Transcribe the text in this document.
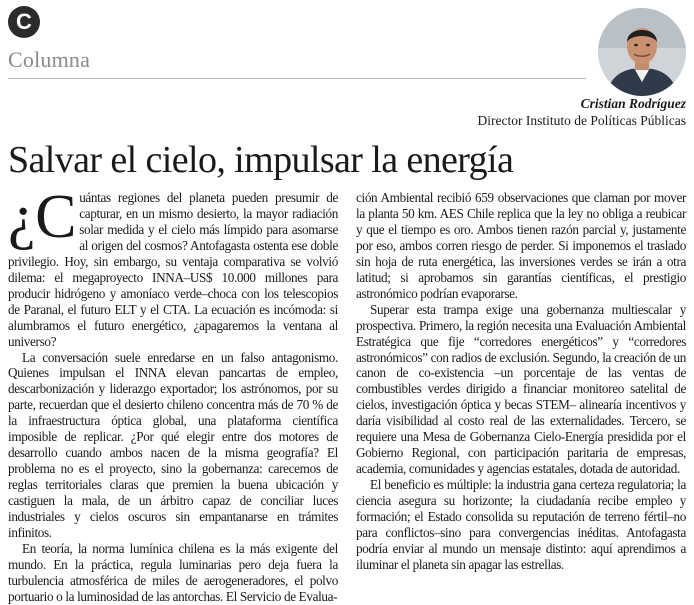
C
Columna
Cristian Rodríguez
Director Instituto de Políticas Públicas
Salvar el cielo, impulsar la energía

¿C uántas regiones del planeta pueden presumir de capturar, en un mismo desierto, la mayor radiación solar medida y el cielo más límpido para asomarse al origen del cosmos? Antofagasta ostenta ese doble privilegio. Hoy, sin embargo, su ventaja comparativa se volvió dilema: el megaproyecto INNA–US$ 10.000 millones para producir hidrógeno y amoníaco verde–choca con los telescopios de Paranal, el futuro ELT y el CTA. La ecuación es incómoda: si alumbramos el futuro energético, ¿apagaremos la ventana al universo?

La conversación suele enredarse en un falso antagonismo. Quienes impulsan el INNA elevan pancartas de empleo, descarbonización y liderazgo exportador; los astrónomos, por su parte, recuerdan que el desierto chileno concentra más de 70 % de la infraestructura óptica global, una plataforma científica imposible de replicar. ¿Por qué elegir entre dos motores de desarrollo cuando ambos nacen de la misma geografía? El problema no es el proyecto, sino la gobernanza: carecemos de reglas territoriales claras que premien la buena ubicación y castiguen la mala, de un árbitro capaz de conciliar luces industriales y cielos oscuros sin empantanarse en trámites infinitos.

En teoría, la norma lumínica chilena es la más exigente del mundo. En la práctica, regula luminarias pero deja fuera la turbulencia atmosférica de miles de aerogeneradores, el polvo portuario o la luminosidad de las antorchas. El Servicio de Evalua-

ción Ambiental recibió 659 observaciones que claman por mover la planta 50 km. AES Chile replica que la ley no obliga a reubicar y que el tiempo es oro. Ambos tienen razón parcial y, justamente por eso, ambos corren riesgo de perder. Si imponemos el traslado sin hoja de ruta energética, las inversiones verdes se irán a otra latitud; si aprobamos sin garantías científicas, el prestigio astronómico podrían evaporarse.

Superar esta trampa exige una gobernanza multiescalar y prospectiva. Primero, la región necesita una Evaluación Ambiental Estratégica que fije “corredores energéticos” y “corredores astronómicos” con radios de exclusión. Segundo, la creación de un canon de co-existencia –un porcentaje de las ventas de combustibles verdes dirigido a financiar monitoreo satelital de cielos, investigación óptica y becas STEM– alinearía incentivos y daría visibilidad al costo real de las externalidades. Tercero, se requiere una Mesa de Gobernanza Cielo-Energía presidida por el Gobierno Regional, con participación paritaria de empresas, academia, comunidades y agencias estatales, dotada de autoridad.

El beneficio es múltiple: la industria gana certeza regulatoria; la ciencia asegura su horizonte; la ciudadanía recibe empleo y formación; el Estado consolida su reputación de terreno fértil–no para conflictos–sino para convergencias inéditas. Antofagasta podría enviar al mundo un mensaje distinto: aquí aprendimos a iluminar el planeta sin apagar las estrellas.
